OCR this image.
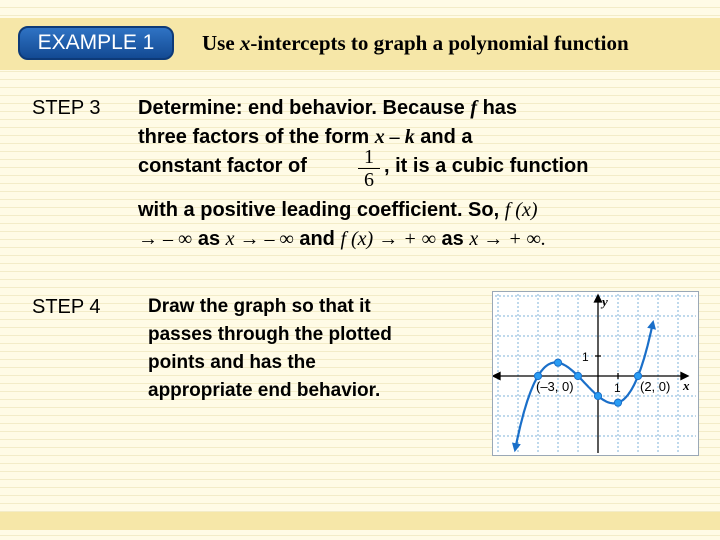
EXAMPLE 1	Use x-intercepts to graph a polynomial function
STEP 3 Determine: end behavior. Because f has
three factors of the form x – k and a
constant factor of	$\frac{1}{6}$ , it is a cubic function
with a positive leading coefficient. So, f (x)
→ – ∞ as x → – ∞ and f (x) → + ∞ as x → + ∞.
STEP 4 Draw the graph so that it
passes through the plotted
points and has the
appropriate end behavior.
y
x
1
1
(–3, 0)	(2, 0)
